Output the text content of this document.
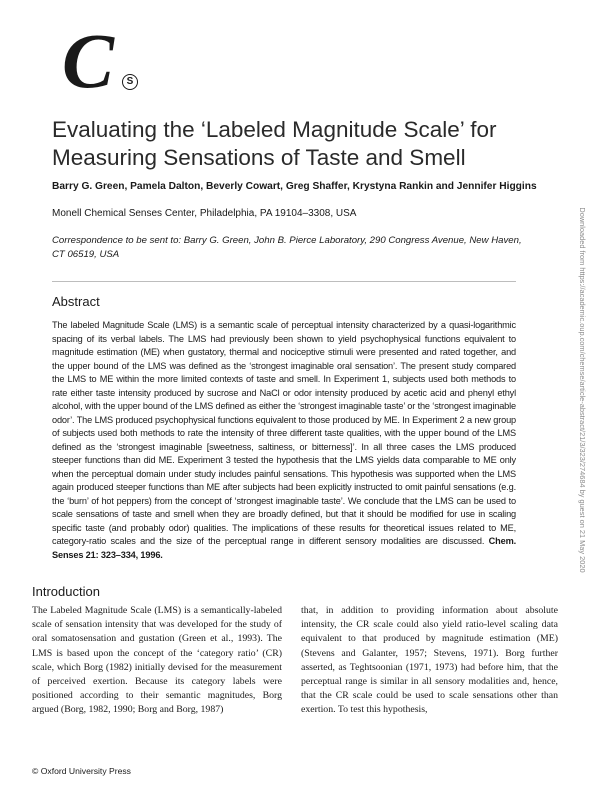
C	S
Evaluating the ‘Labeled Magnitude Scale’ for Measuring Sensations of Taste and Smell
Barry G. Green, Pamela Dalton, Beverly Cowart, Greg Shaffer, Krystyna Rankin and Jennifer Higgins
Monell Chemical Senses Center, Philadelphia, PA 19104–3308, USA
Correspondence to be sent to: Barry G. Green, John B. Pierce Laboratory, 290 Congress Avenue, New Haven, CT 06519, USA
Abstract
The labeled Magnitude Scale (LMS) is a semantic scale of perceptual intensity characterized by a quasi-logarithmic spacing of its verbal labels. The LMS had previously been shown to yield psychophysical functions equivalent to magnitude estimation (ME) when gustatory, thermal and nociceptive stimuli were presented and rated together, and the upper bound of the LMS was defined as the ‘strongest imaginable oral sensation’. The present study compared the LMS to ME within the more limited contexts of taste and smell. In Experiment 1, subjects used both methods to rate either taste intensity produced by sucrose and NaCl or odor intensity produced by acetic acid and phenyl ethyl alcohol, with the upper bound of the LMS defined as either the ‘strongest imaginable taste’ or the ‘strongest imaginable odor’. The LMS produced psychophysical functions equivalent to those produced by ME. In Experiment 2 a new group of subjects used both methods to rate the intensity of three different taste qualities, with the upper bound of the LMS defined as the ‘strongest imaginable [sweetness, saltiness, or bitterness]’. In all three cases the LMS produced steeper functions than did ME. Experiment 3 tested the hypothesis that the LMS yields data comparable to ME only when the perceptual domain under study includes painful sensations. This hypothesis was supported when the LMS again produced steeper functions than ME after subjects had been explicitly instructed to omit painful sensations (e.g. the ‘burn’ of hot peppers) from the concept of ‘strongest imaginable taste’. We conclude that the LMS can be used to scale sensations of taste and smell when they are broadly defined, but that it should be modified for use in scaling specific taste (and probably odor) qualities. The implications of these results for theoretical issues related to ME, category-ratio scales and the size of the perceptual range in different sensory modalities are discussed. Chem. Senses 21: 323–334, 1996.
Introduction
The Labeled Magnitude Scale (LMS) is a semantically-labeled scale of sensation intensity that was developed for the study of oral somatosensation and gustation (Green et al., 1993). The LMS is based upon the concept of the ‘category ratio’ (CR) scale, which Borg (1982) initially devised for the measurement of perceived exertion. Because its category labels were positioned according to their semantic magnitudes, Borg argued (Borg, 1982, 1990; Borg and Borg, 1987)
that, in addition to providing information about absolute intensity, the CR scale could also yield ratio-level scaling data equivalent to that produced by magnitude estimation (ME) (Stevens and Galanter, 1957; Stevens, 1971). Borg further asserted, as Teghtsoonian (1971, 1973) had before him, that the perceptual range is similar in all sensory modalities and, hence, that the CR scale could be used to scale sensations other than exertion. To test this hypothesis,
© Oxford University Press
Downloaded from https://academic.oup.com/chemse/article-abstract/21/3/323/274684 by guest on 21 May 2020
